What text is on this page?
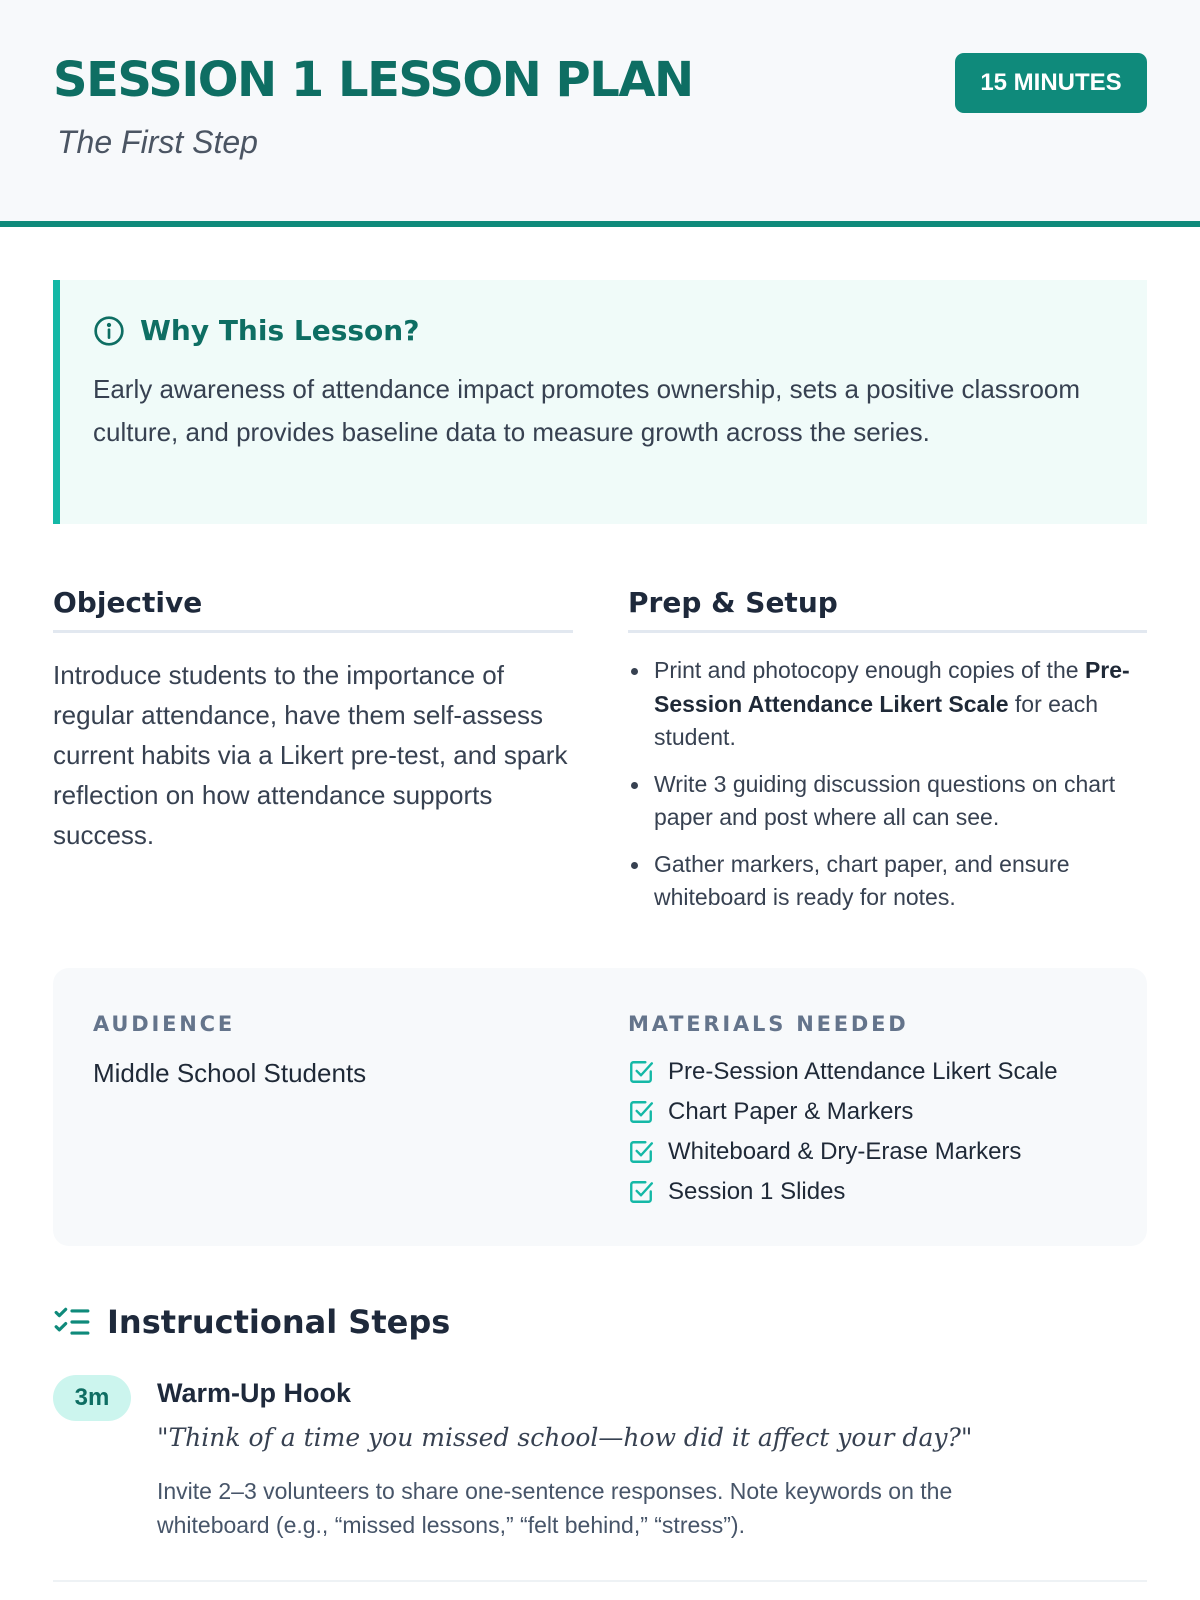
SESSION 1 LESSON PLAN
The First Step
15 MINUTES
Why This Lesson?

Early awareness of attendance impact promotes ownership, sets a positive classroom culture, and provides baseline data to measure growth across the series.

Objective

Introduce students to the importance of regular attendance, have them self-assess current habits via a Likert pre-test, and spark reflection on how attendance supports success.

Prep & Setup
Print and photocopy enough copies of the Pre-Session Attendance Likert Scale for each student.
Write 3 guiding discussion questions on chart paper and post where all can see.
Gather markers, chart paper, and ensure whiteboard is ready for notes.
AUDIENCE
Middle School Students
MATERIALS NEEDED
Pre-Session Attendance Likert Scale
Chart Paper & Markers
Whiteboard & Dry-Erase Markers
Session 1 Slides
Instructional Steps
3m	Warm-Up Hook
"Think of a time you missed school—how did it affect your day?"

Invite 2–3 volunteers to share one-sentence responses. Note keywords on the whiteboard (e.g., “missed lessons,” “felt behind,” “stress”).
